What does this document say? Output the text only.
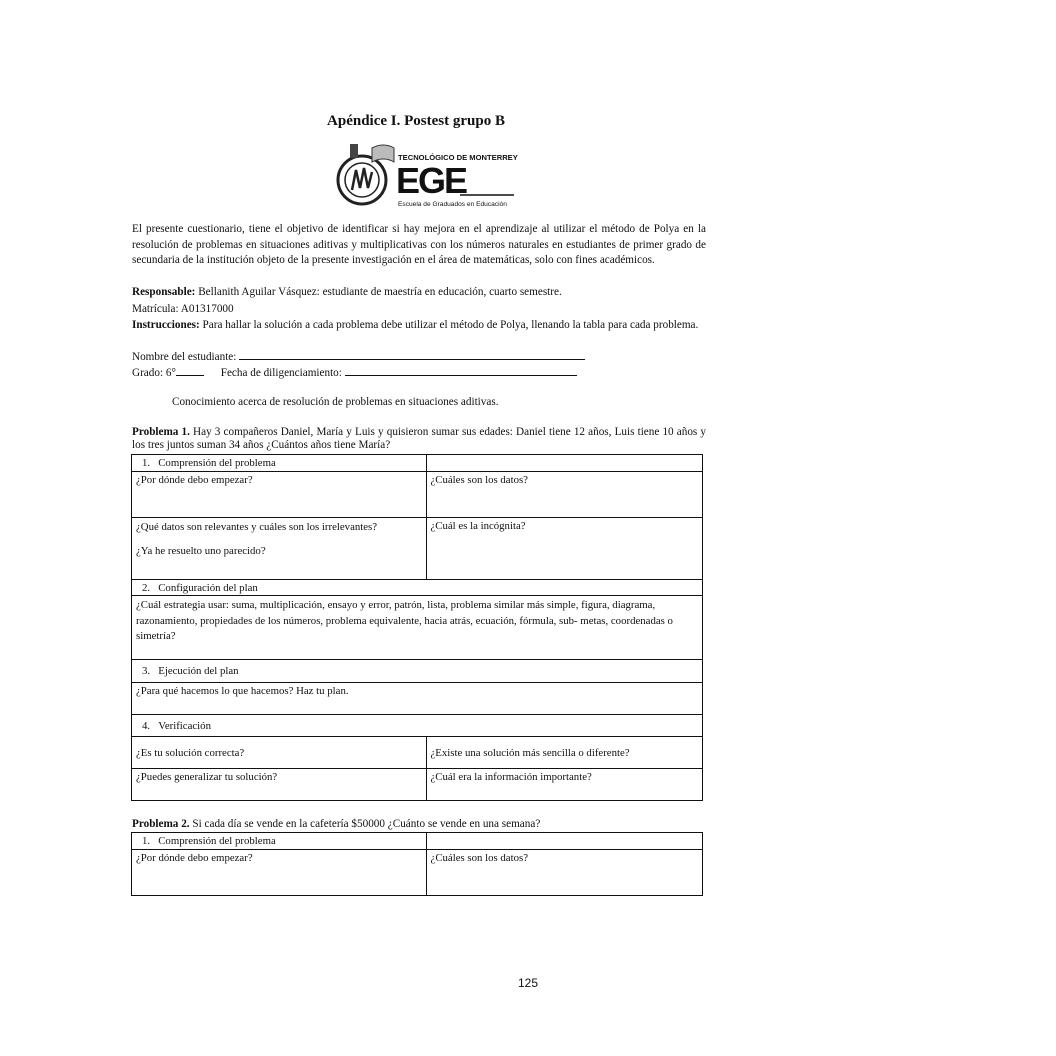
Apéndice I. Postest grupo B
TECNOLÓGICO DE MONTERREY
EGE
Escuela de Graduados en Educación
El presente cuestionario, tiene el objetivo de identificar si hay mejora en el aprendizaje al utilizar el método de Polya en la resolución de problemas en situaciones aditivas y multiplicativas con los números naturales en estudiantes de primer grado de secundaria de la institución objeto de la presente investigación en el área de matemáticas, solo con fines académicos.
Responsable: Bellanith Aguilar Vásquez: estudiante de maestría en educación, cuarto semestre.
Matrícula: A01317000
Instrucciones: Para hallar la solución a cada problema debe utilizar el método de Polya, llenando la tabla para cada problema.
Nombre del estudiante:
Grado: 6°	Fecha de diligenciamiento:
Conocimiento acerca de resolución de problemas en situaciones aditivas.
Problema 1. Hay 3 compañeros Daniel, María y Luis y quisieron sumar sus edades: Daniel tiene 12 años, Luis tiene 10 años y los tres juntos suman 34 años ¿Cuántos años tiene María?
1. Comprensión del problema	
¿Por dónde debo empezar?	¿Cuáles son los datos?

¿Qué datos son relevantes y cuáles son los irrelevantes?
¿Ya he resuelto uno parecido?	¿Cuál es la incógnita?
2. Configuración del plan	
¿Cuál estrategia usar: suma, multiplicación, ensayo y error, patrón, lista, problema similar más simple, figura, diagrama, razonamiento, propiedades de los números, problema equivalente, hacia atrás, ecuación, fórmula, sub- metas, coordenadas o simetría?	
3. Ejecución del plan	
¿Para qué hacemos lo que hacemos? Haz tu plan.	
4. Verificación	
¿Es tu solución correcta?	¿Existe una solución más sencilla o diferente?
¿Puedes generalizar tu solución?	¿Cuál era la información importante?
Problema 2. Si cada día se vende en la cafetería $50000 ¿Cuánto se vende en una semana?
1. Comprensión del problema	
¿Por dónde debo empezar?	¿Cuáles son los datos?
125
